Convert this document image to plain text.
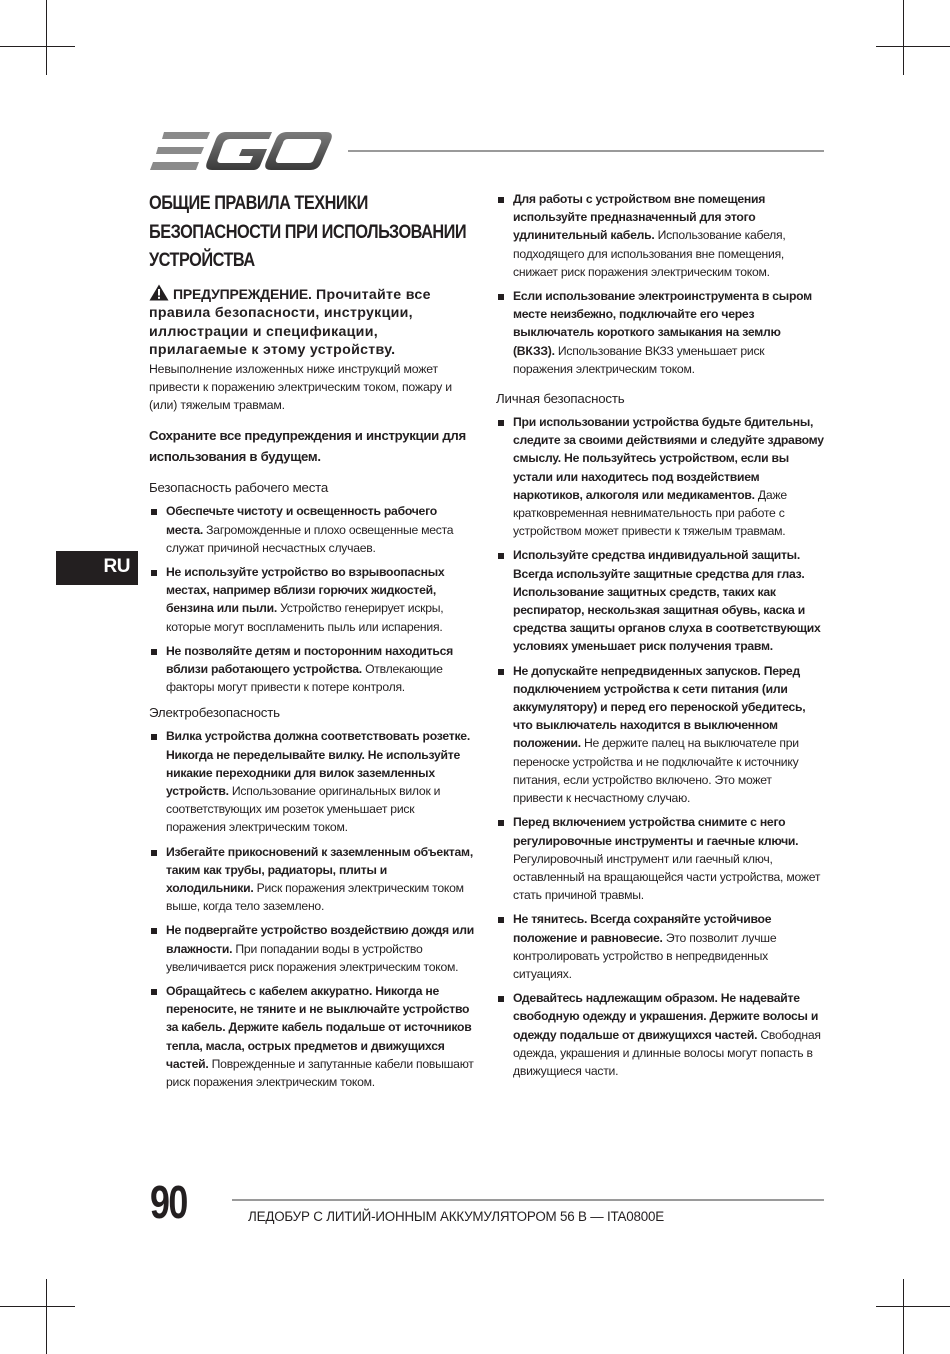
RU
ОБЩИЕ ПРАВИЛА ТЕХНИКИ
БЕЗОПАСНОСТИ ПРИ ИСПОЛЬЗОВАНИИ
УСТРОЙСТВА
ПРЕДУПРЕЖДЕНИЕ. Прочитайте все правила безопасности, инструкции, иллюстрации и спецификации, прилагаемые к этому устройству.
Невыполнение изложенных ниже инструкций может привести к поражению электрическим током, пожару и (или) тяжелым травмам.
Сохраните все предупреждения и инструкции для использования в будущем.
Безопасность рабочего места
Обеспечьте чистоту и освещенность рабочего места. Загроможденные и плохо освещенные места служат причиной несчастных случаев.
Не используйте устройство во взрывоопасных местах, например вблизи горючих жидкостей, бензина или пыли. Устройство генерирует искры, которые могут воспламенить пыль или испарения.
Не позволяйте детям и посторонним находиться вблизи работающего устройства. Отвлекающие факторы могут привести к потере контроля.
Электробезопасность
Вилка устройства должна соответствовать розетке. Никогда не переделывайте вилку. Не используйте никакие переходники для вилок заземленных устройств. Использование оригинальных вилок и соответствующих им розеток уменьшает риск поражения электрическим током.
Избегайте прикосновений к заземленным объектам, таким как трубы, радиаторы, плиты и холодильники. Риск поражения электрическим током выше, когда тело заземлено.
Не подвергайте устройство воздействию дождя или влажности. При попадании воды в устройство увеличивается риск поражения электрическим током.
Обращайтесь с кабелем аккуратно. Никогда не переносите, не тяните и не выключайте устройство за кабель. Держите кабель подальше от источников тепла, масла, острых предметов и движущихся частей. Поврежденные и запутанные кабели повышают риск поражения электрическим током.
Для работы с устройством вне помещения используйте предназначенный для этого удлинительный кабель. Использование кабеля, подходящего для использования вне помещения, снижает риск поражения электрическим током.
Если использование электроинструмента в сыром месте неизбежно, подключайте его через выключатель короткого замыкания на землю (ВКЗЗ). Использование ВКЗЗ уменьшает риск поражения электрическим током.
Личная безопасность
При использовании устройства будьте бдительны, следите за своими действиями и следуйте здравому смыслу. Не пользуйтесь устройством, если вы устали или находитесь под воздействием наркотиков, алкоголя или медикаментов. Даже кратковременная невнимательность при работе с устройством может привести к тяжелым травмам.
Используйте средства индивидуальной защиты. Всегда используйте защитные средства для глаз. Использование защитных средств, таких как респиратор, нескользкая защитная обувь, каска и средства защиты органов слуха в соответствующих условиях уменьшает риск получения травм.
Не допускайте непредвиденных запусков. Перед подключением устройства к сети питания (или аккумулятору) и перед его переноской убедитесь, что выключатель находится в выключенном положении. Не держите палец на выключателе при переноске устройства и не подключайте к источнику питания, если устройство включено. Это может привести к несчастному случаю.
Перед включением устройства снимите с него регулировочные инструменты и гаечные ключи. Регулировочный инструмент или гаечный ключ, оставленный на вращающейся части устройства, может стать причиной травмы.
Не тянитесь. Всегда сохраняйте устойчивое положение и равновесие. Это позволит лучше контролировать устройство в непредвиденных ситуациях.
Одевайтесь надлежащим образом. Не надевайте свободную одежду и украшения. Держите волосы и одежду подальше от движущихся частей. Свободная одежда, украшения и длинные волосы могут попасть в движущиеся части.
90	ЛЕДОБУР С ЛИТИЙ-ИОННЫМ АККУМУЛЯТОРОМ 56 В — ITA0800E
